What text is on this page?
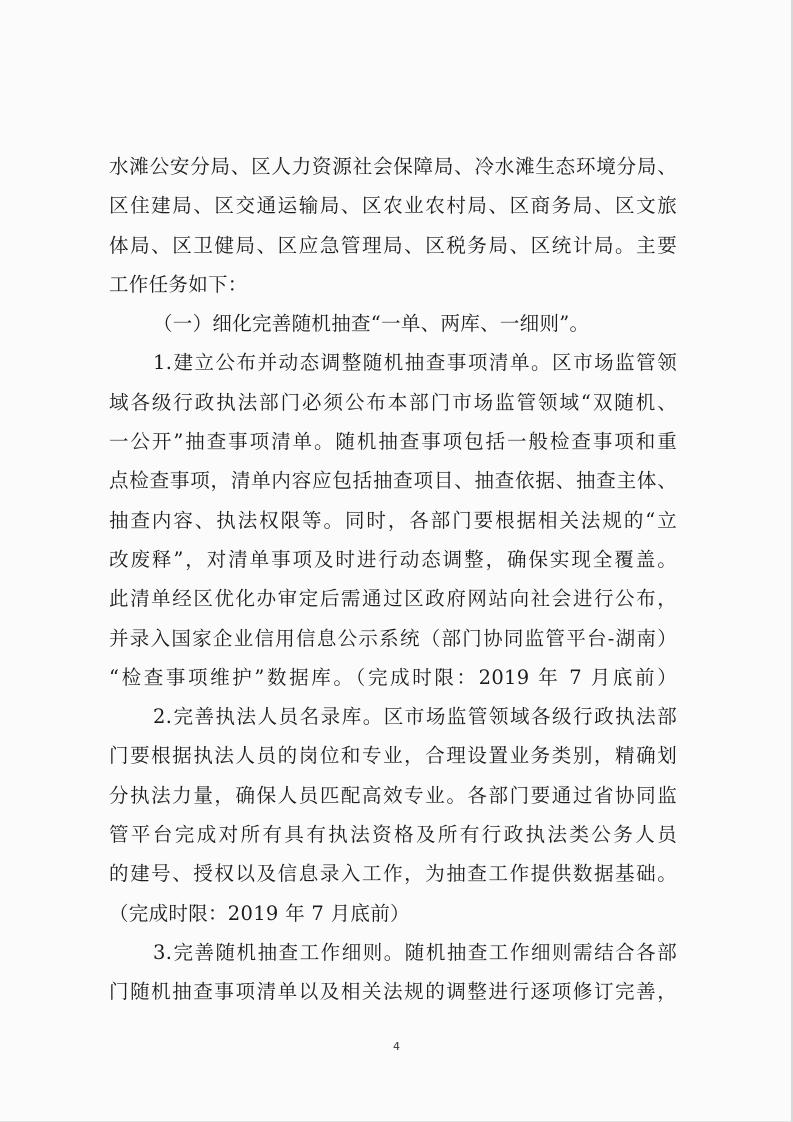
水滩公安分局、区人力资源社会保障局、冷水滩生态环境分局、
区住建局、区交通运输局、区农业农村局、区商务局、区文旅
体局、区卫健局、区应急管理局、区税务局、区统计局。主要
工作任务如下：
（一）细化完善随机抽查“一单、两库、一细则”。
1.建立公布并动态调整随机抽查事项清单。区市场监管领
域各级行政执法部门必须公布本部门市场监管领域“双随机、
一公开”抽查事项清单。随机抽查事项包括一般检查事项和重
点检查事项，清单内容应包括抽查项目、抽查依据、抽查主体、
抽查内容、执法权限等。同时，各部门要根据相关法规的“立
改废释”，对清单事项及时进行动态调整，确保实现全覆盖。
此清单经区优化办审定后需通过区政府网站向社会进行公布，
并录入国家企业信用信息公示系统（部门协同监管平台-湖南）
“检查事项维护”数据库。（完成时限：2019 年 7 月底前）
2.完善执法人员名录库。区市场监管领域各级行政执法部
门要根据执法人员的岗位和专业，合理设置业务类别，精确划
分执法力量，确保人员匹配高效专业。各部门要通过省协同监
管平台完成对所有具有执法资格及所有行政执法类公务人员
的建号、授权以及信息录入工作，为抽查工作提供数据基础。
（完成时限：2019 年 7 月底前）
3.完善随机抽查工作细则。随机抽查工作细则需结合各部
门随机抽查事项清单以及相关法规的调整进行逐项修订完善，
4
